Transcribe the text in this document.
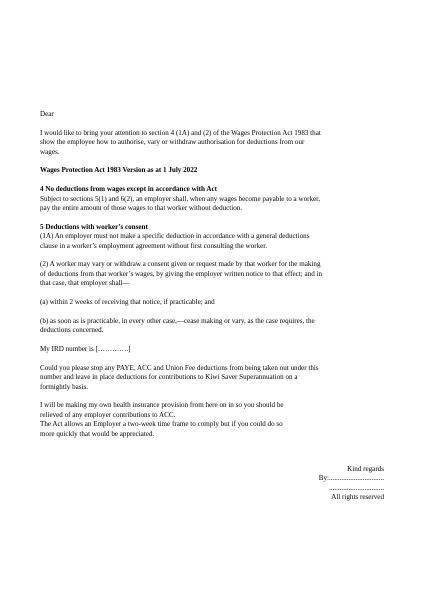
Dear

I would like to bring your attention to section 4 (1A) and (2) of the Wages Protection Act 1983 that

show the employee how to authorise, vary or withdraw authorisation for deductions from our

wages.

Wages Protection Act 1983 Version as at 1 July 2022

4 No deductions from wages except in accordance with Act

Subject to sections 5(1) and 6(2), an employer shall, when any wages become payable to a worker,

pay the entire amount of those wages to that worker without deduction.

5 Deductions with worker’s consent

(1A) An employer must not make a specific deduction in accordance with a general deductions

clause in a worker’s employment agreement without first consulting the worker.

(2) A worker may vary or withdraw a consent given or request made by that worker for the making

of deductions from that worker’s wages, by giving the employer written notice to that effect; and in

that case, that employer shall—

(a) within 2 weeks of receiving that notice, if practicable; and

(b) as soon as is practicable, in every other case,—cease making or vary, as the case requires, the

deductions concerned.

My IRD number is [………….]

Could you please stop any PAYE, ACC and Union Fee deductions from being taken out under this

number and leave in place deductions for contributions to Kiwi Saver Superannuation on a

fortnightly basis.

I will be making my own health insurance provision from here on in so you should be

relieved of any employer contributions to ACC.

The Act allows an Employer a two-week time frame to comply but if you could do so

more quickly that would be appreciated.

Kind regards

By:...............................

...............................

All rights reserved
